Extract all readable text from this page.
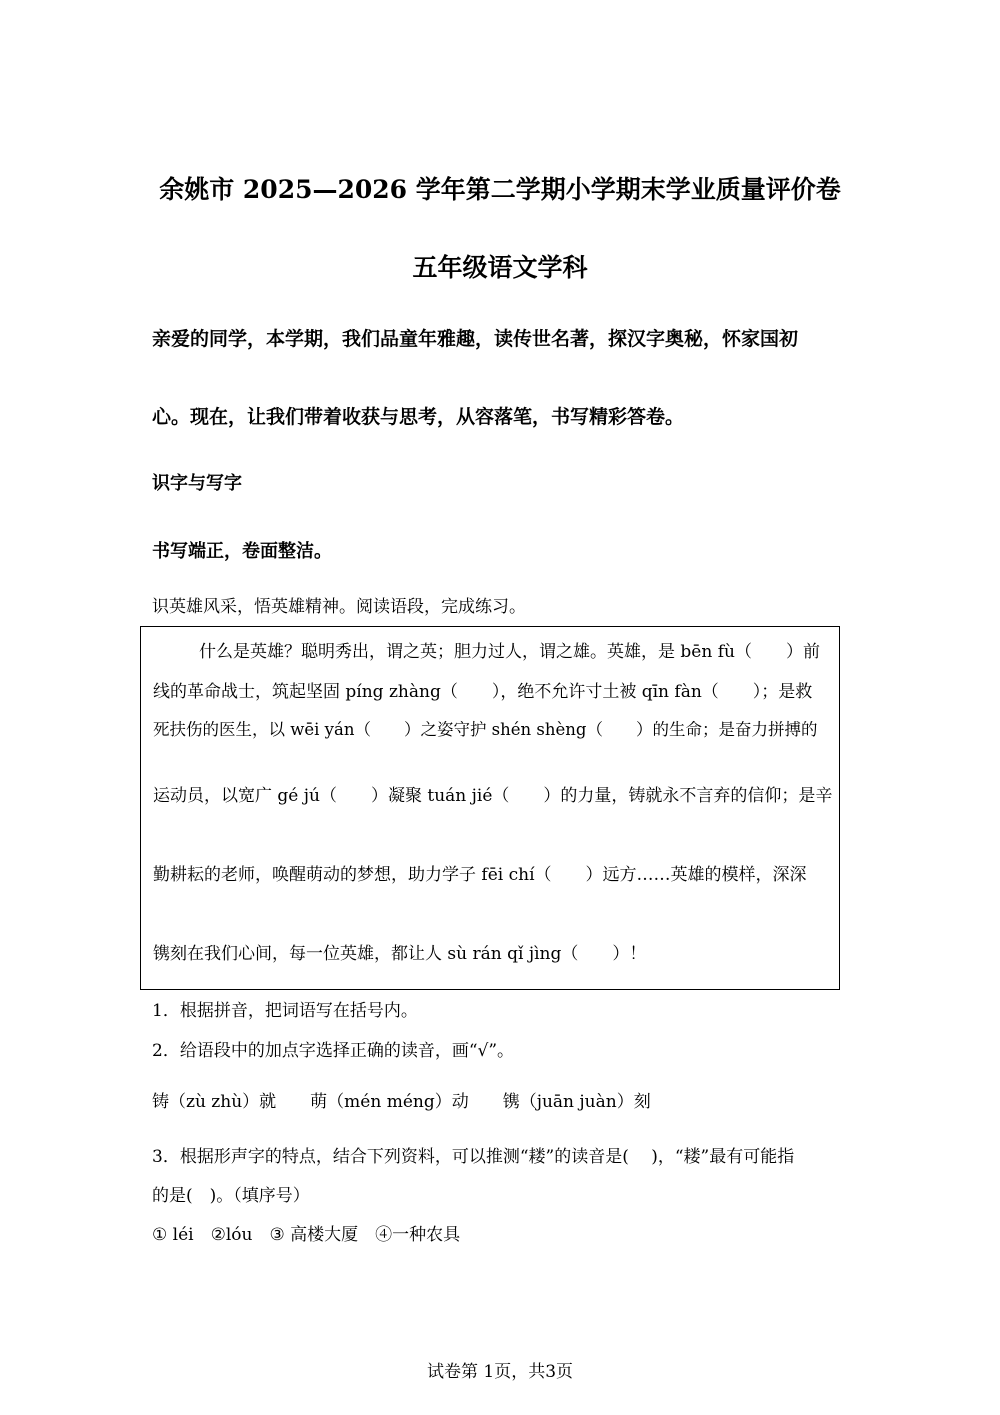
余姚市 2025—2026 学年第二学期小学期末学业质量评价卷
五年级语文学科
亲爱的同学，本学期，我们品童年雅趣，读传世名著，探汉字奥秘，怀家国初
心。现在，让我们带着收获与思考，从容落笔，书写精彩答卷。
识字与写字
书写端正，卷面整洁。
识英雄风采，悟英雄精神。阅读语段，完成练习。
什么是英雄？聪明秀出，谓之英；胆力过人，谓之雄。英雄，是 bēn fù（　　）前
线的革命战士，筑起坚固 píng zhàng（　　），绝不允许寸土被 qīn fàn（　　）；是救
死扶伤的医生，以 wēi yán（　　）之姿守护 shén shèng（　　）的生命；是奋力拼搏的
运动员，以宽广 gé jú（　　）凝聚 tuán jié（　　）的力量，铸就永不言弃的信仰；是辛
勤耕耘的老师，唤醒萌动的梦想，助力学子 fēi chí（　　）远方……英雄的模样，深深
镌刻在我们心间，每一位英雄，都让人 sù rán qǐ jìng（　　）！
1．根据拼音，把词语写在括号内。
2．给语段中的加点字选择正确的读音，画“√”。
铸（zù zhù）就　　萌（mén méng）动　　镌（juān juàn）刻
3．根据形声字的特点，结合下列资料，可以推测“耧”的读音是(　 )，“耧”最有可能指
的是(　)。（填序号）
① léi　②lóu　③ 高楼大厦　④一种农具
试卷第 1页，共3页
